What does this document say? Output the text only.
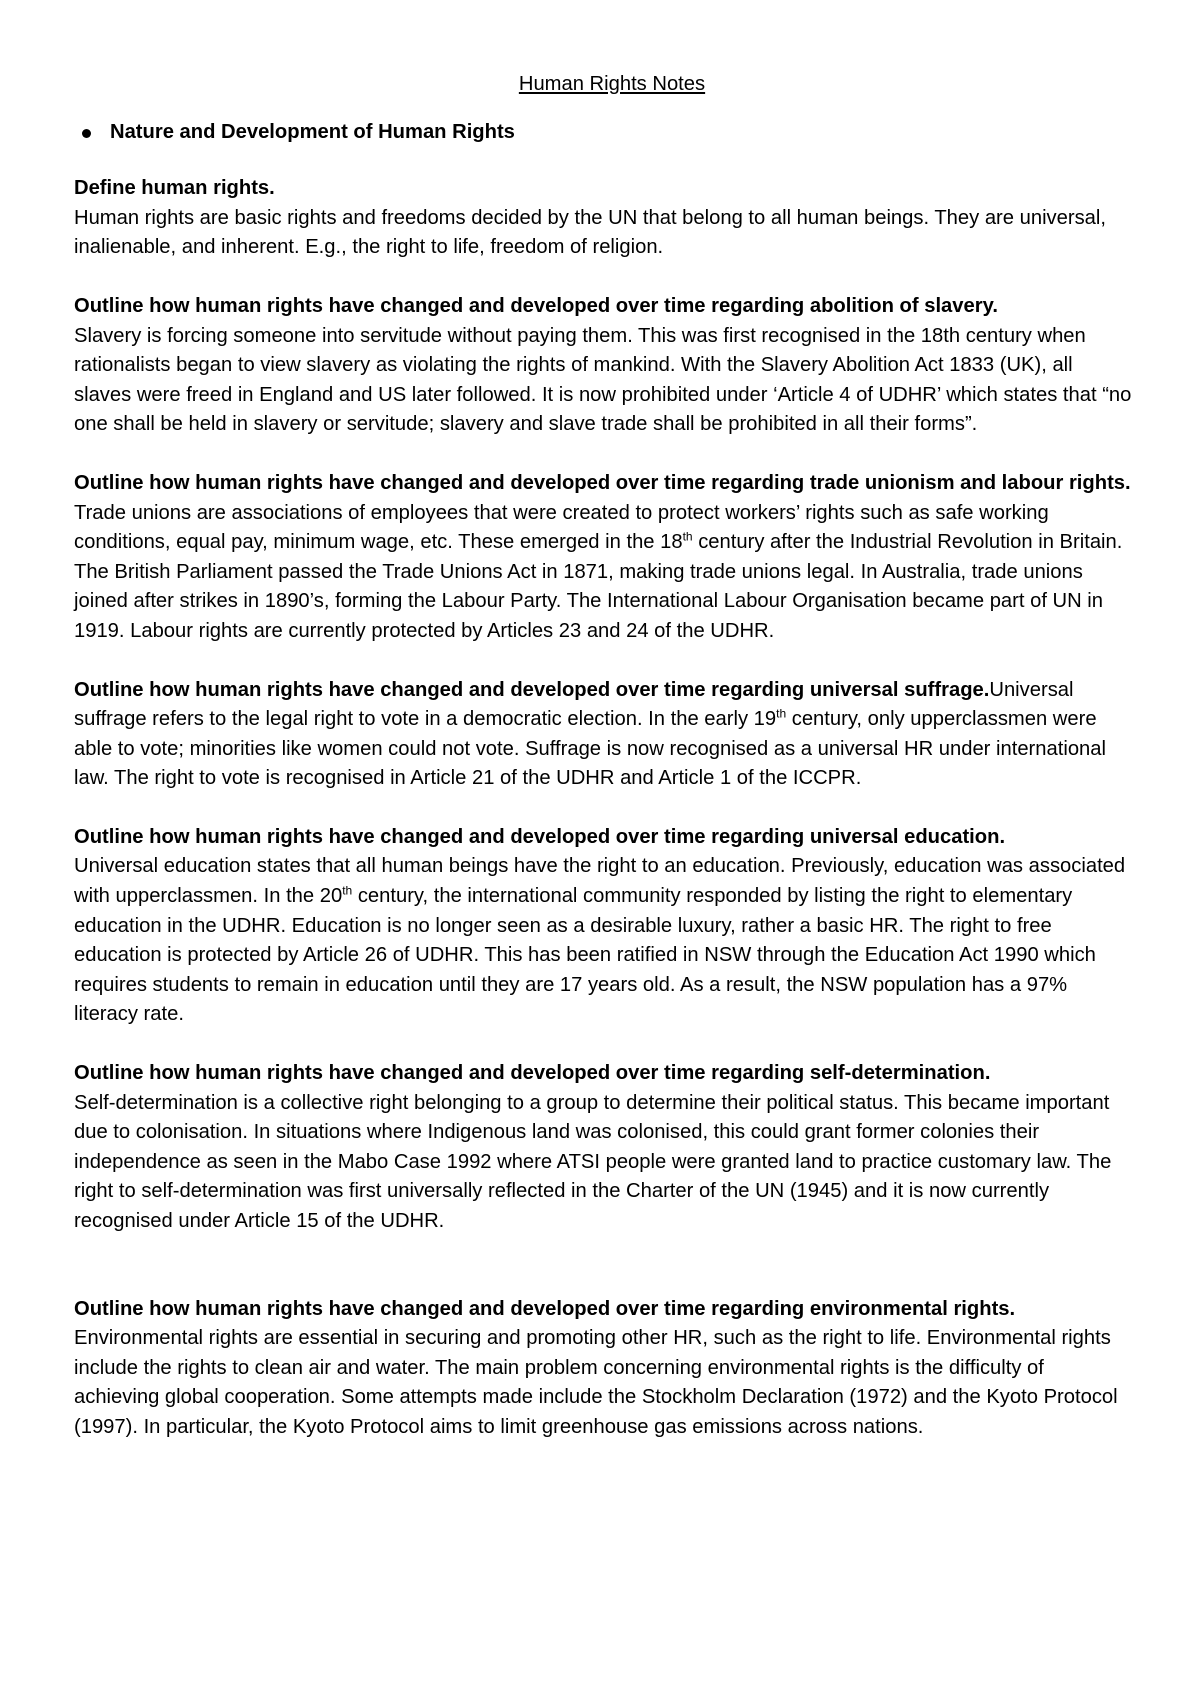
Human Rights Notes
Nature and Development of Human Rights
Define human rights.
Human rights are basic rights and freedoms decided by the UN that belong to all human beings. They are universal, inalienable, and inherent. E.g., the right to life, freedom of religion.
Outline how human rights have changed and developed over time regarding abolition of slavery.
Slavery is forcing someone into servitude without paying them. This was first recognised in the 18th century when rationalists began to view slavery as violating the rights of mankind. With the Slavery Abolition Act 1833 (UK), all slaves were freed in England and US later followed. It is now prohibited under ‘Article 4 of UDHR’ which states that “no one shall be held in slavery or servitude; slavery and slave trade shall be prohibited in all their forms”.
Outline how human rights have changed and developed over time regarding trade unionism and labour rights. Trade unions are associations of employees that were created to protect workers’ rights such as safe working conditions, equal pay, minimum wage, etc. These emerged in the 18th century after the Industrial Revolution in Britain. The British Parliament passed the Trade Unions Act in 1871, making trade unions legal. In Australia, trade unions joined after strikes in 1890’s, forming the Labour Party. The International Labour Organisation became part of UN in 1919. Labour rights are currently protected by Articles 23 and 24 of the UDHR.
Outline how human rights have changed and developed over time regarding universal suffrage.Universal suffrage refers to the legal right to vote in a democratic election. In the early 19th century, only upperclassmen were able to vote; minorities like women could not vote. Suffrage is now recognised as a universal HR under international law. The right to vote is recognised in Article 21 of the UDHR and Article 1 of the ICCPR.
Outline how human rights have changed and developed over time regarding universal education.
Universal education states that all human beings have the right to an education. Previously, education was associated with upperclassmen. In the 20th century, the international community responded by listing the right to elementary education in the UDHR. Education is no longer seen as a desirable luxury, rather a basic HR. The right to free education is protected by Article 26 of UDHR. This has been ratified in NSW through the Education Act 1990 which requires students to remain in education until they are 17 years old. As a result, the NSW population has a 97% literacy rate.
Outline how human rights have changed and developed over time regarding self-determination.
Self-determination is a collective right belonging to a group to determine their political status. This became important due to colonisation. In situations where Indigenous land was colonised, this could grant former colonies their independence as seen in the Mabo Case 1992 where ATSI people were granted land to practice customary law. The right to self-determination was first universally reflected in the Charter of the UN (1945) and it is now currently recognised under Article 15 of the UDHR.
Outline how human rights have changed and developed over time regarding environmental rights.
Environmental rights are essential in securing and promoting other HR, such as the right to life. Environmental rights include the rights to clean air and water. The main problem concerning environmental rights is the difficulty of achieving global cooperation. Some attempts made include the Stockholm Declaration (1972) and the Kyoto Protocol (1997). In particular, the Kyoto Protocol aims to limit greenhouse gas emissions across nations.
